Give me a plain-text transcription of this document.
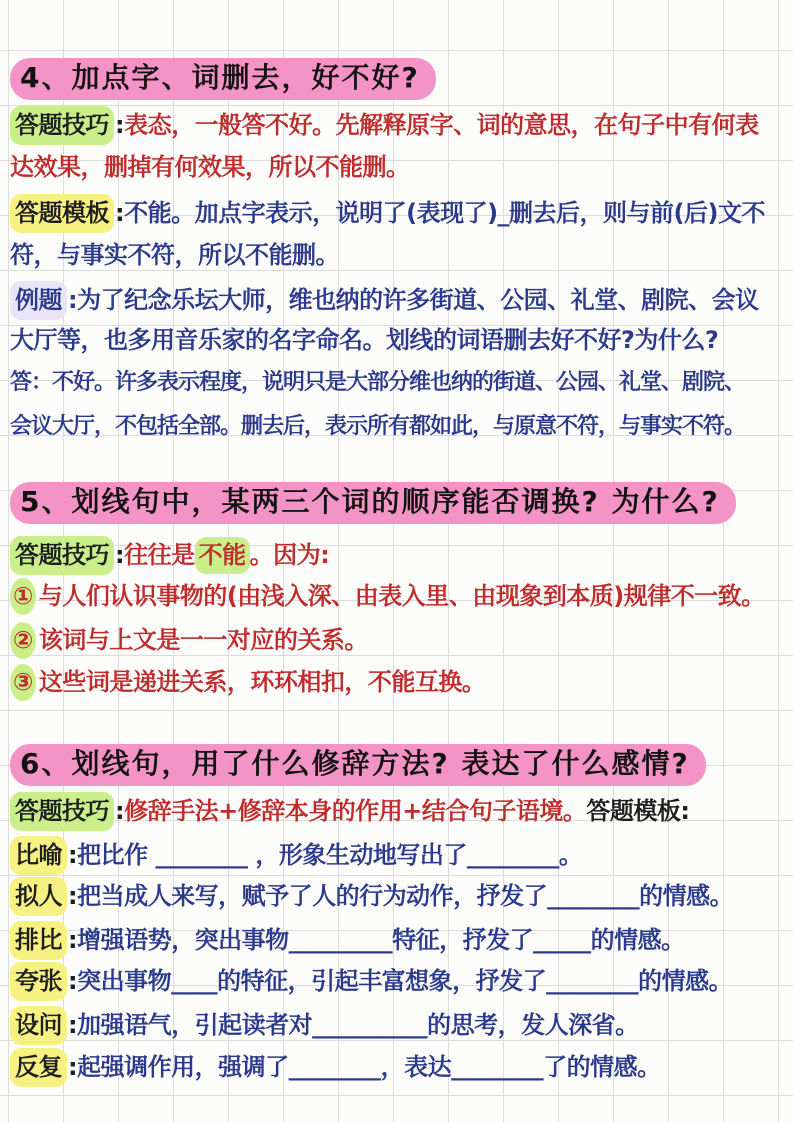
4、加点字、词删去，好不好?
答题技巧 :表态，一般答不好。先解释原字、词的意思，在句子中有何表
达效果，删掉有何效果，所以不能删。
答题模板 :不能。加点字表示，说明了(表现了)_删去后，则与前(后)文不
符，与事实不符，所以不能删。
例题 :为了纪念乐坛大师，维也纳的许多街道、公园、礼堂、剧院、会议
大厅等，也多用音乐家的名字命名。划线的词语删去好不好?为什么?
答：不好。许多表示程度，说明只是大部分维也纳的街道、公园、礼堂、剧院、
会议大厅，不包括全部。删去后，表示所有都如此，与原意不符，与事实不符。
5、划线句中，某两三个词的顺序能否调换? 为什么?
答题技巧 :往往是 不能 。因为:
① 与人们认识事物的(由浅入深、由表入里、由现象到本质)规律不一致。
② 该词与上文是一一对应的关系。
③ 这些词是递进关系，环环相扣，不能互换。
6、划线句，用了什么修辞方法? 表达了什么感情?
答题技巧 :修辞手法+修辞本身的作用+结合句子语境。答题模板:
比喻 :把比作 ________ ，形象生动地写出了________。
拟人 :把当成人来写，赋予了人的行为动作，抒发了________的情感。
排比 :增强语势，突出事物_________特征，抒发了_____的情感。
夸张 :突出事物____的特征，引起丰富想象，抒发了________的情感。
设问 :加强语气，引起读者对__________的思考，发人深省。
反复 :起强调作用，强调了________，表达________了的情感。
